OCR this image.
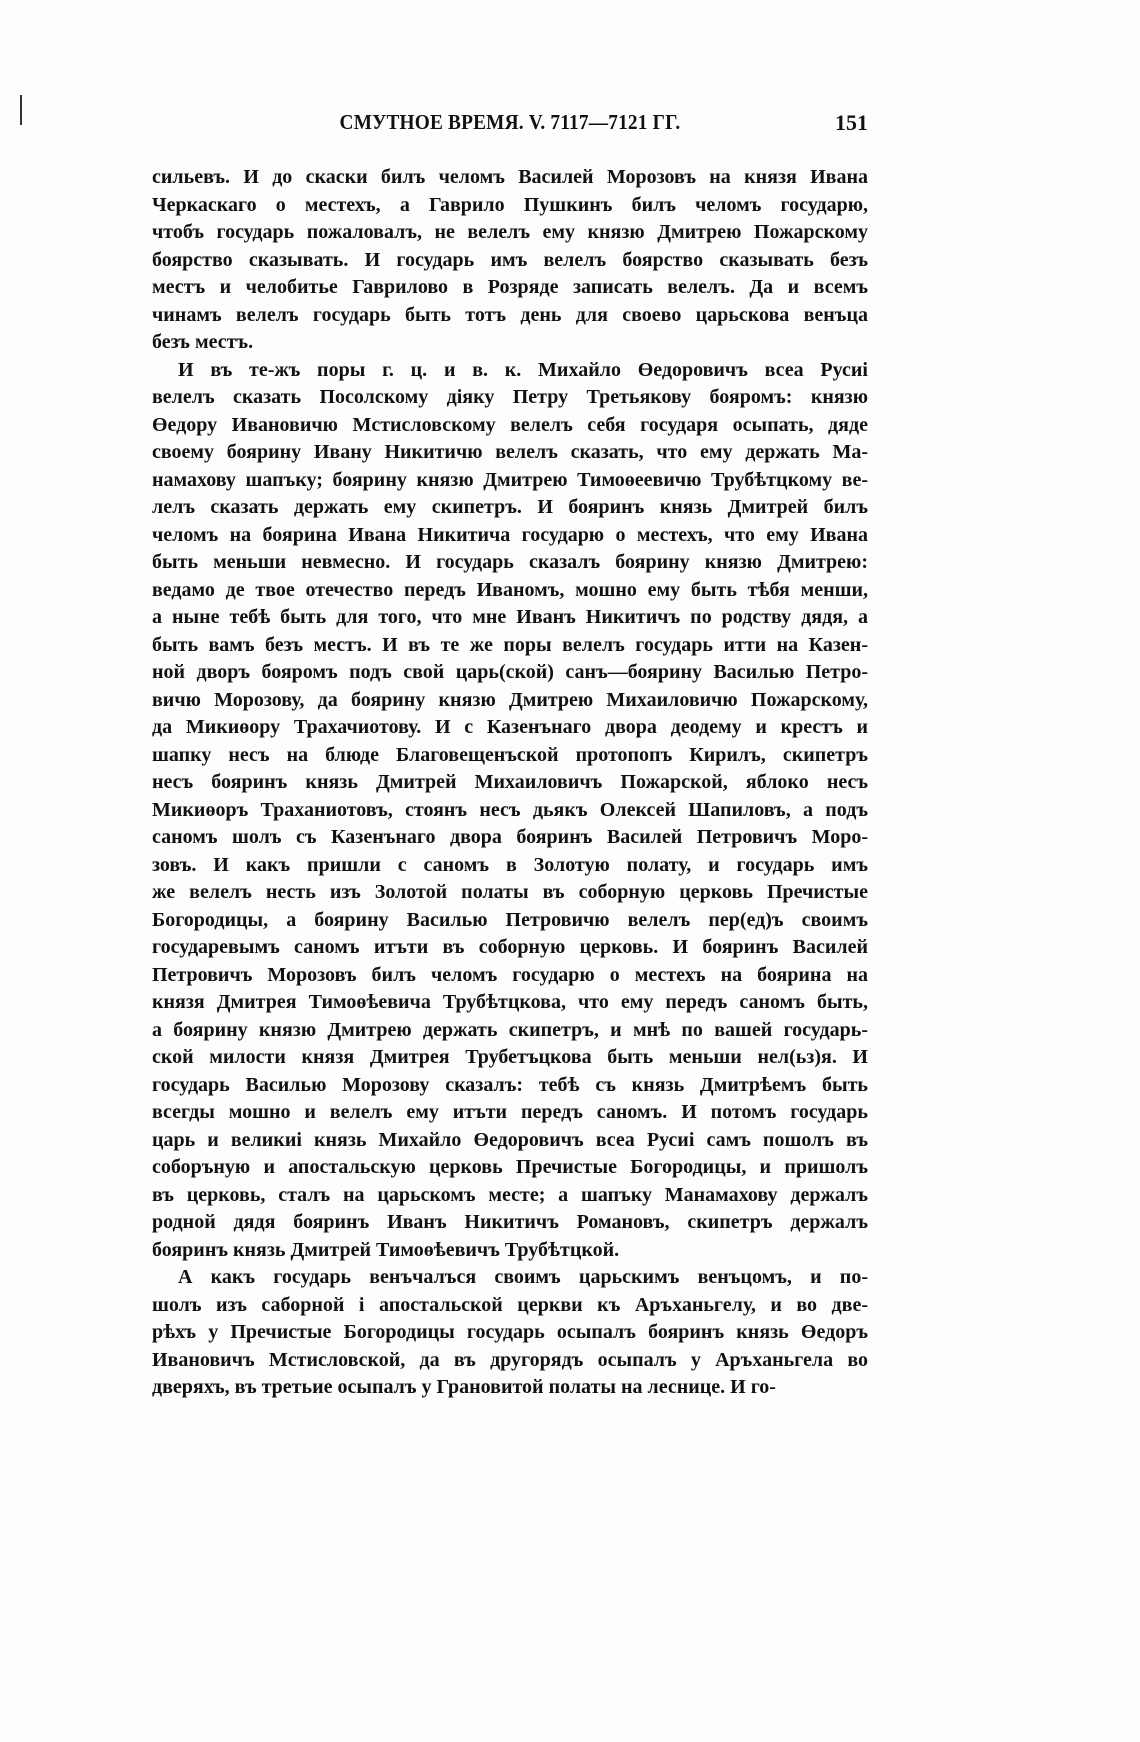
СМУТНОЕ ВРЕМЯ. V. 7117—7121 ГГ.	151
сильевъ. И до скаски билъ челомъ Василей Морозовъ на князя Ивана
Черкаскаго о местехъ, а Гаврило Пушкинъ билъ челомъ государю,
чтобъ государь пожаловалъ, не велелъ ему князю Дмитрею Пожарскому
боярство сказывать. И государь имъ велелъ боярство сказывать безъ
местъ и челобитье Гаврилово в Розряде записать велелъ. Да и всемъ
чинамъ велелъ государь быть тотъ день для своево царьскова венъца
безъ местъ.
И въ те-жъ поры г. ц. и в. к. Михайло Өедоровичъ всеа Русиі
велелъ сказать Посолскому дiяку Петру Третьякову бояромъ: князю
Өедору Ивановичю Мстисловскому велелъ себя государя осыпать, дяде
своему боярину Ивану Никитичю велелъ сказать, что ему держать Ма-
намахову шапъку; боярину князю Дмитрею Тимоөеевичю Трубѣтцкому ве-
лелъ сказать держать ему скипетръ. И бояринъ князь Дмитрей билъ
челомъ на боярина Ивана Никитича государю о местехъ, что ему Ивана
быть меньши невмесно. И государь сказалъ боярину князю Дмитрею:
ведамо де твое отечество передъ Иваномъ, мошно ему быть тѣбя менши,
а ныне тебѣ быть для того, что мне Иванъ Никитичъ по родству дядя, а
быть вамъ безъ местъ. И въ те же поры велелъ государь итти на Казен-
ной дворъ бояромъ подъ свой царь(ской) санъ—боярину Василью Петро-
вичю Морозову, да боярину князю Дмитрею Михаиловичю Пожарскому,
да Микиөору Трахачиотову. И с Казенънаго двора деодему и крестъ и
шапку несъ на блюде Благовещенъской протопопъ Кирилъ, скипетръ
несъ бояринъ князь Дмитрей Михаиловичъ Пожарской, яблоко несъ
Микиөоръ Траханиотовъ, стоянъ несъ дьякъ Олексей Шапиловъ, а подъ
саномъ шолъ съ Казенънаго двора бояринъ Василей Петровичъ Моро-
зовъ. И какъ пришли с саномъ в Золотую полату, и государь имъ
же велелъ несть изъ Золотой полаты въ соборную церковь Пречистые
Богородицы, а боярину Василью Петровичю велелъ пер(ед)ъ своимъ
государевымъ саномъ итъти въ соборную церковь. И бояринъ Василей
Петровичъ Морозовъ билъ челомъ государю о местехъ на боярина на
князя Дмитрея Тимоөѣевича Трубѣтцкова, что ему передъ саномъ быть,
а боярину князю Дмитрею держать скипетръ, и мнѣ по вашей государь-
ской милости князя Дмитрея Трубетъцкова быть меньши нел(ьз)я. И
государь Василью Морозову сказалъ: тебѣ съ князь Дмитрѣемъ быть
всегды мошно и велелъ ему итъти передъ саномъ. И потомъ государь
царь и великиі князь Михайло Өедоровичъ всеа Русиі самъ пошолъ въ
соборъную и апостальскую церковь Пречистые Богородицы, и пришолъ
въ церковь, сталъ на царьскомъ месте; а шапъку Манамахову держалъ
родной дядя бояринъ Иванъ Никитичъ Романовъ, скипетръ держалъ
бояринъ князь Дмитрей Тимоөѣевичъ Трубѣтцкой.
А какъ государь венъчалъся своимъ царьскимъ венъцомъ, и по-
шолъ изъ саборной і апостальской церкви къ Аръханьгелу, и во две-
рѣхъ у Пречистые Богородицы государь осыпалъ бояринъ князь Өедоръ
Ивановичъ Мстисловской, да въ другорядъ осыпалъ у Аръханьгела во
дверяхъ, въ третьие осыпалъ у Грановитой полаты на леснице. И го-
